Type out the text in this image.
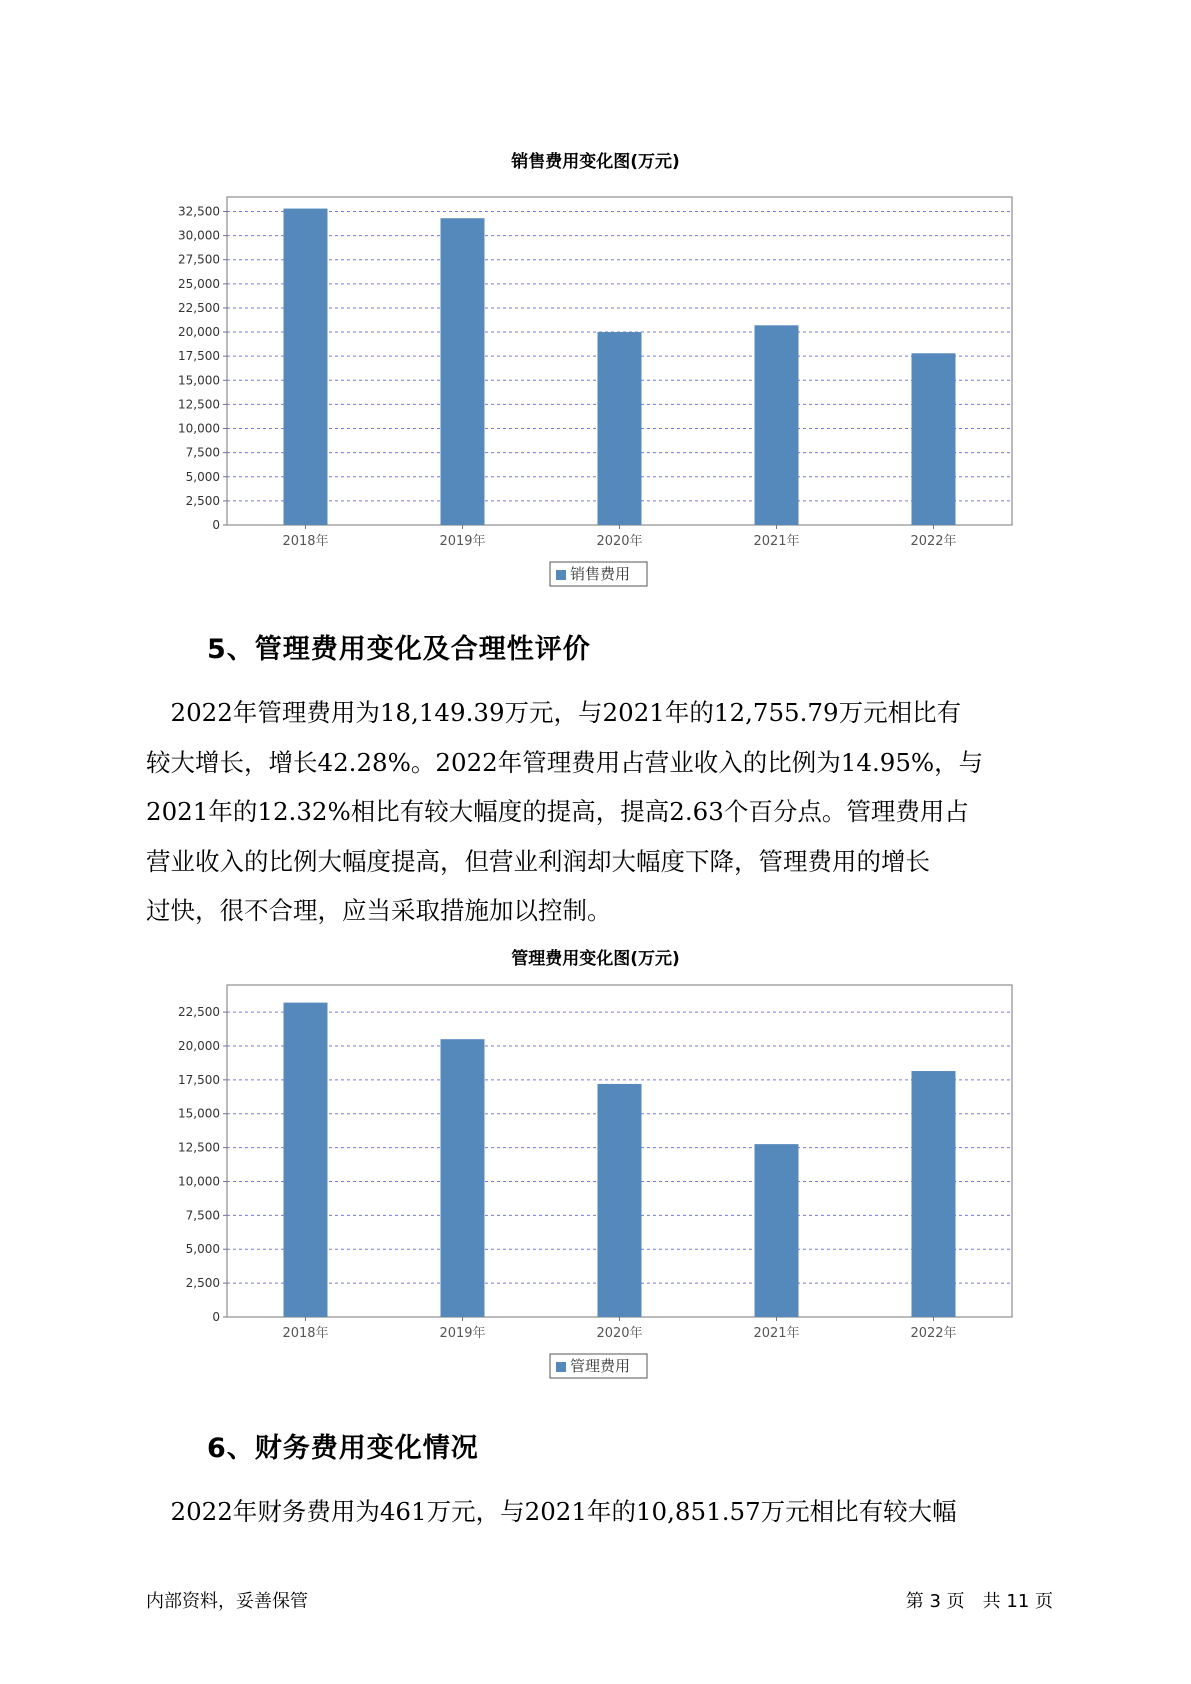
销售费用变化图(万元)
0
2,500
5,000
7,500
10,000
12,500
15,000
17,500
20,000
22,500
25,000
27,500
30,000
32,500
2018年	2019年	2020年	2021年	2022年
销售费用
5、管理费用变化及合理性评价
　2022年管理费用为18,149.39万元，与2021年的12,755.79万元相比有
较大增长，增长42.28%。2022年管理费用占营业收入的比例为14.95%，与
2021年的12.32%相比有较大幅度的提高，提高2.63个百分点。管理费用占
营业收入的比例大幅度提高，但营业利润却大幅度下降，管理费用的增长
过快，很不合理，应当采取措施加以控制。
管理费用变化图(万元)
0
2,500
5,000
7,500
10,000
12,500
15,000
17,500
20,000
22,500
2018年	2019年	2020年	2021年	2022年
管理费用
6、财务费用变化情况
　2022年财务费用为461万元，与2021年的10,851.57万元相比有较大幅
内部资料，妥善保管	第 3 页　共 11 页
